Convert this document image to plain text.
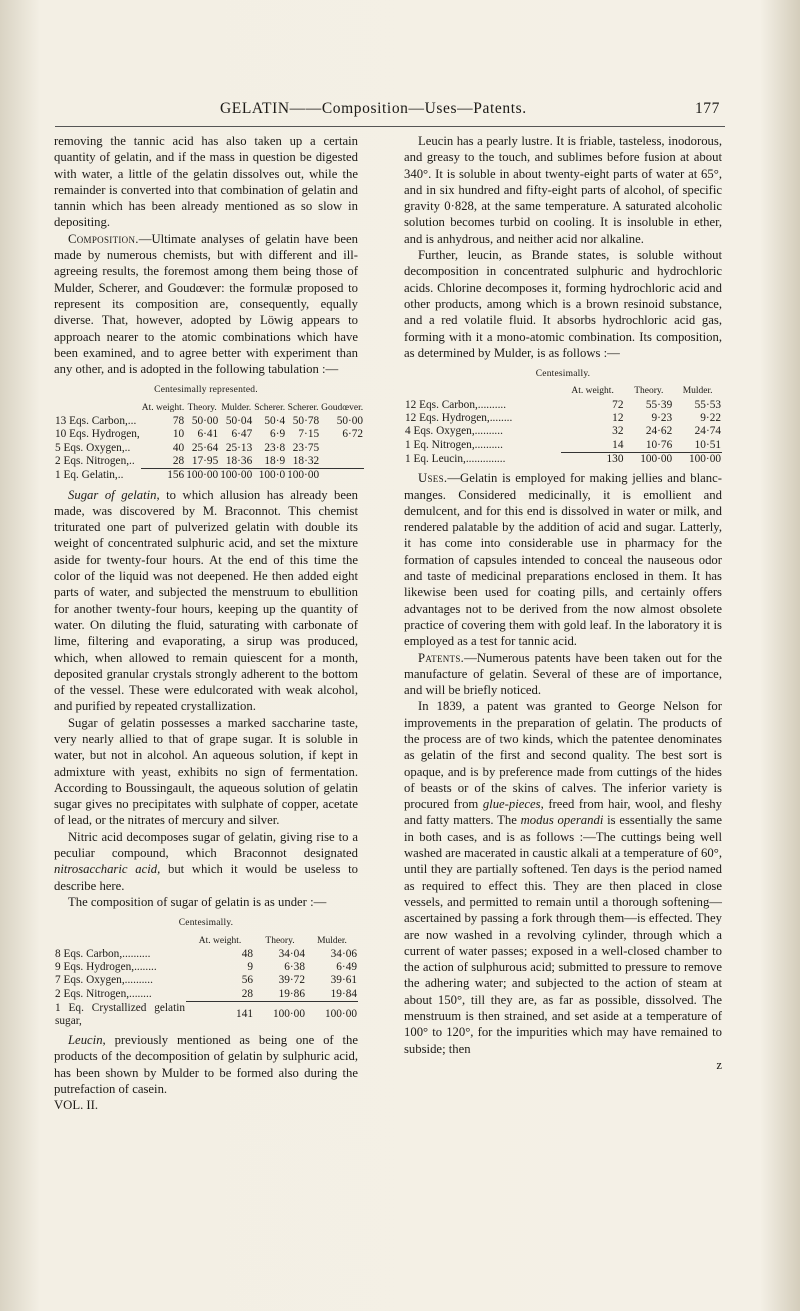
GELATIN——Composition—Uses—Patents.	177

removing the tannic acid has also taken up a certain quantity of gelatin, and if the mass in question be digested with water, a little of the gelatin dissolves out, while the remainder is converted into that combination of gelatin and tannin which has been already mentioned as so slow in depositing.

Composition.—Ultimate analyses of gelatin have been made by numerous chemists, but with different and ill-agreeing results, the foremost among them being those of Mulder, Scherer, and Goudœver: the formulæ proposed to represent its composition are, consequently, equally diverse. That, however, adopted by Löwig appears to approach nearer to the atomic combinations which have been examined, and to agree better with experiment than any other, and is adopted in the following tabulation :—

Centesimally represented.
	At. weight.	Theory.	Mulder.	Scherer.	Scherer.	Goudœver.
13 Eqs. Carbon,...	78	50·00	50·04	50·4	50·78	50·00
10 Eqs. Hydrogen,	10	6·41	6·47	6·9	7·15	6·72
5 Eqs. Oxygen,..	40	25·64	25·13	23·8	23·75	
2 Eqs. Nitrogen,..	28	17·95	18·36	18·9	18·32	
1 Eq. Gelatin,..	156	100·00	100·00	100·0	100·00	

Sugar of gelatin, to which allusion has already been made, was discovered by M. Braconnot. This chemist triturated one part of pulverized gelatin with double its weight of concentrated sulphuric acid, and set the mixture aside for twenty-four hours. At the end of this time the color of the liquid was not deepened. He then added eight parts of water, and subjected the menstruum to ebullition for another twenty-four hours, keeping up the quantity of water. On diluting the fluid, saturating with carbonate of lime, filtering and evaporating, a sirup was produced, which, when allowed to remain quiescent for a month, deposited granular crystals strongly adherent to the bottom of the vessel. These were edulcorated with weak alcohol, and purified by repeated crystallization.

Sugar of gelatin possesses a marked saccharine taste, very nearly allied to that of grape sugar. It is soluble in water, but not in alcohol. An aqueous solution, if kept in admixture with yeast, exhibits no sign of fermentation. According to Boussingault, the aqueous solution of gelatin sugar gives no precipitates with sulphate of copper, acetate of lead, or the nitrates of mercury and silver.

Nitric acid decomposes sugar of gelatin, giving rise to a peculiar compound, which Braconnot designated nitrosaccharic acid, but which it would be useless to describe here.

The composition of sugar of gelatin is as under :—

Centesimally.
	At. weight.	Theory.	Mulder.
8 Eqs. Carbon,..........	48	34·04	34·06
9 Eqs. Hydrogen,........	9	6·38	6·49
7 Eqs. Oxygen,..........	56	39·72	39·61
2 Eqs. Nitrogen,........	28	19·86	19·84
1 Eq. Crystallized gelatin sugar,	141	100·00	100·00

Leucin, previously mentioned as being one of the products of the decomposition of gelatin by sulphuric acid, has been shown by Mulder to be formed also during the putrefaction of casein.

VOL. II.

Leucin has a pearly lustre. It is friable, tasteless, inodorous, and greasy to the touch, and sublimes before fusion at about 340°. It is soluble in about twenty-eight parts of water at 65°, and in six hundred and fifty-eight parts of alcohol, of specific gravity 0·828, at the same temperature. A saturated alcoholic solution becomes turbid on cooling. It is insoluble in ether, and is anhydrous, and neither acid nor alkaline.

Further, leucin, as Brande states, is soluble without decomposition in concentrated sulphuric and hydrochloric acids. Chlorine decomposes it, forming hydrochloric acid and other products, among which is a brown resinoid substance, and a red volatile fluid. It absorbs hydrochloric acid gas, forming with it a mono-atomic combination. Its composition, as determined by Mulder, is as follows :—

Centesimally.
	At. weight.	Theory.	Mulder.
12 Eqs. Carbon,..........	72	55·39	55·53
12 Eqs. Hydrogen,........	12	9·23	9·22
4 Eqs. Oxygen,..........	32	24·62	24·74
1 Eq. Nitrogen,..........	14	10·76	10·51
1 Eq. Leucin,..............	130	100·00	100·00

Uses.—Gelatin is employed for making jellies and blanc-manges. Considered medicinally, it is emollient and demulcent, and for this end is dissolved in water or milk, and rendered palatable by the addition of acid and sugar. Latterly, it has come into considerable use in pharmacy for the formation of capsules intended to conceal the nauseous odor and taste of medicinal preparations enclosed in them. It has likewise been used for coating pills, and certainly offers advantages not to be derived from the now almost obsolete practice of covering them with gold leaf. In the laboratory it is employed as a test for tannic acid.

Patents.—Numerous patents have been taken out for the manufacture of gelatin. Several of these are of importance, and will be briefly noticed.

In 1839, a patent was granted to George Nelson for improvements in the preparation of gelatin. The products of the process are of two kinds, which the patentee denominates as gelatin of the first and second quality. The best sort is opaque, and is by preference made from cuttings of the hides of beasts or of the skins of calves. The inferior variety is procured from glue-pieces, freed from hair, wool, and fleshy and fatty matters. The modus operandi is essentially the same in both cases, and is as follows :—The cuttings being well washed are macerated in caustic alkali at a temperature of 60°, until they are partially softened. Ten days is the period named as required to effect this. They are then placed in close vessels, and permitted to remain until a thorough softening—ascertained by passing a fork through them—is effected. They are now washed in a revolving cylinder, through which a current of water passes; exposed in a well-closed chamber to the action of sulphurous acid; submitted to pressure to remove the adhering water; and subjected to the action of steam at about 150°, till they are, as far as possible, dissolved. The menstruum is then strained, and set aside at a temperature of 100° to 120°, for the impurities which may have remained to subside; then

z
